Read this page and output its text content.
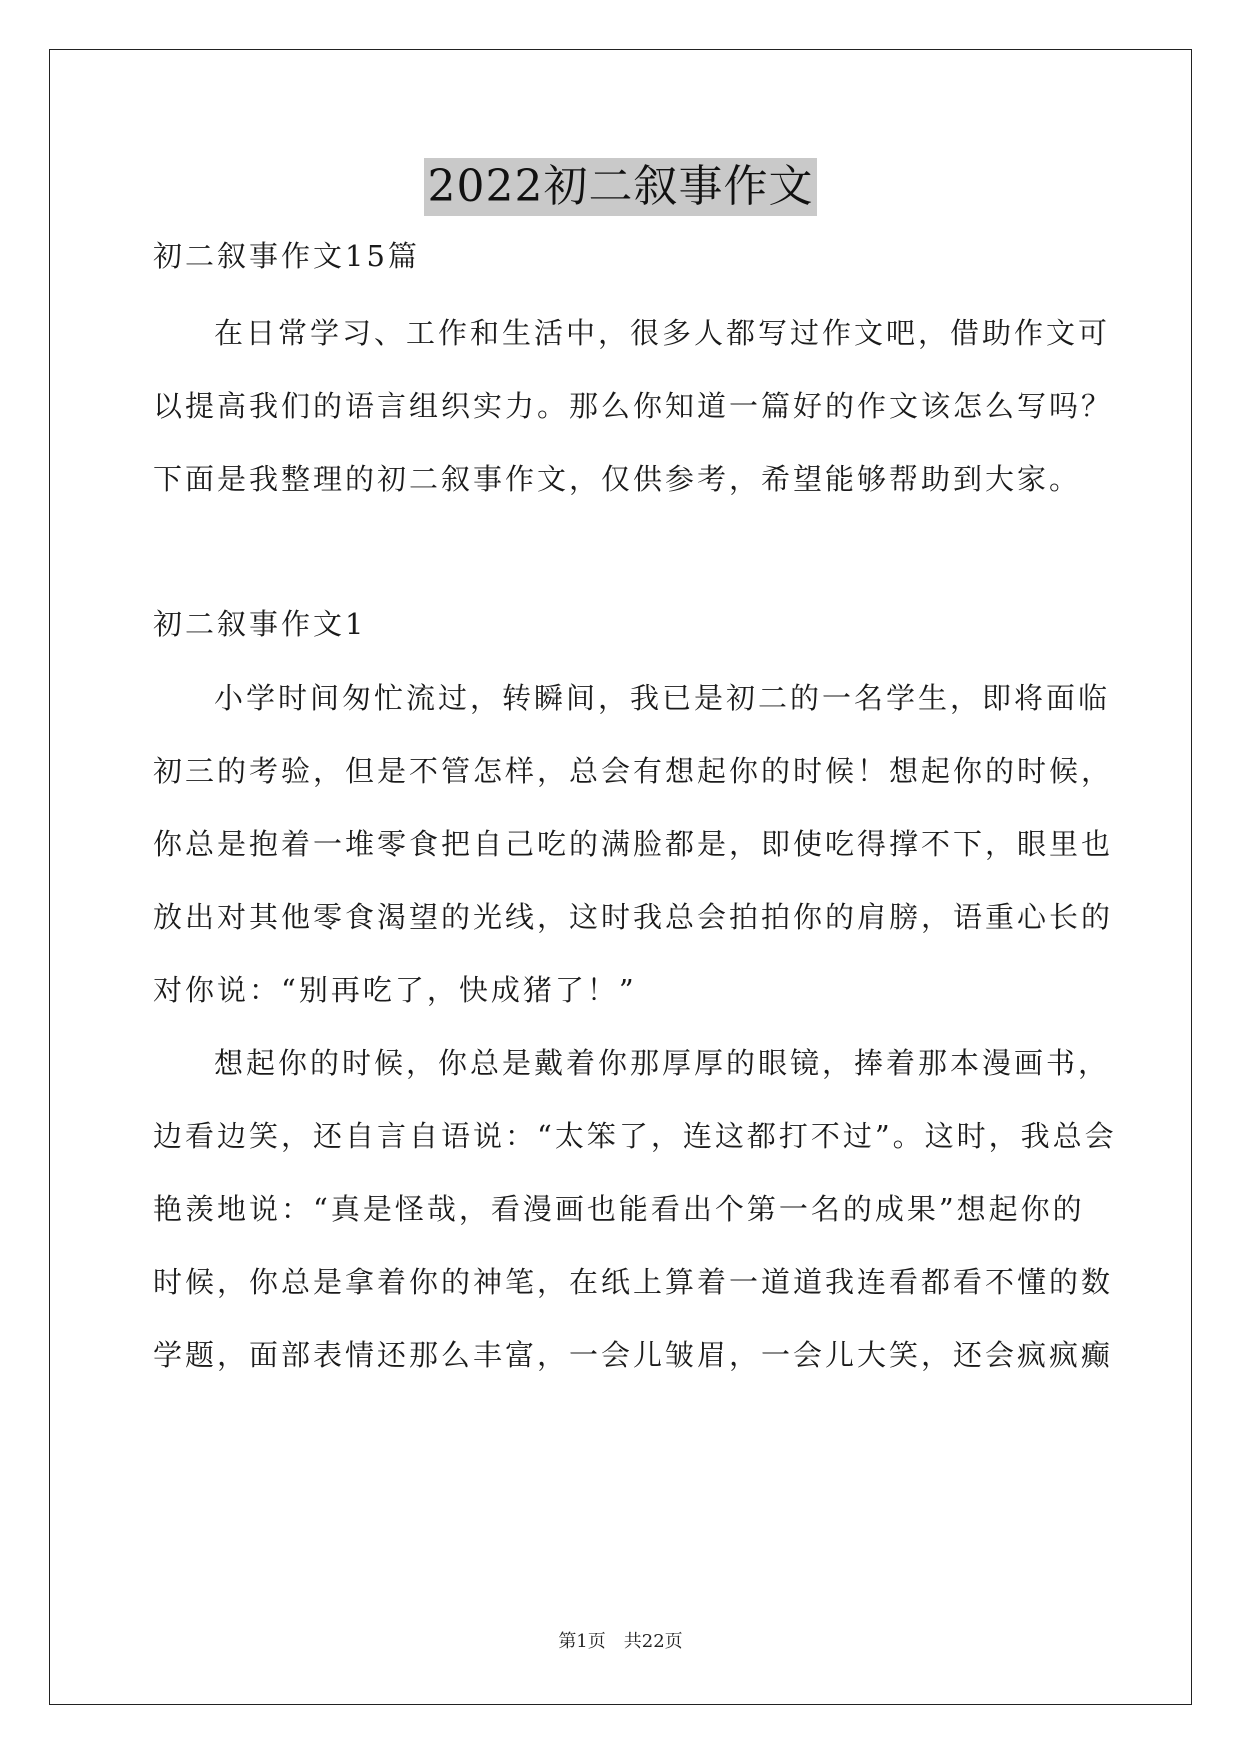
2022初二叙事作文
初二叙事作文15篇
在日常学习、工作和生活中，很多人都写过作文吧，借助作文可
以提高我们的语言组织实力。那么你知道一篇好的作文该怎么写吗？
下面是我整理的初二叙事作文，仅供参考，希望能够帮助到大家。
初二叙事作文1
小学时间匆忙流过，转瞬间，我已是初二的一名学生，即将面临
初三的考验，但是不管怎样，总会有想起你的时候！想起你的时候，
你总是抱着一堆零食把自己吃的满脸都是，即使吃得撑不下，眼里也
放出对其他零食渴望的光线，这时我总会拍拍你的肩膀，语重心长的
对你说：“别再吃了，快成猪了！”
想起你的时候，你总是戴着你那厚厚的眼镜，捧着那本漫画书，
边看边笑，还自言自语说：“太笨了，连这都打不过”。这时，我总会
艳羡地说：“真是怪哉，看漫画也能看出个第一名的成果”想起你的
时候，你总是拿着你的神笔，在纸上算着一道道我连看都看不懂的数
学题，面部表情还那么丰富，一会儿皱眉，一会儿大笑，还会疯疯癫
第1页　共22页
